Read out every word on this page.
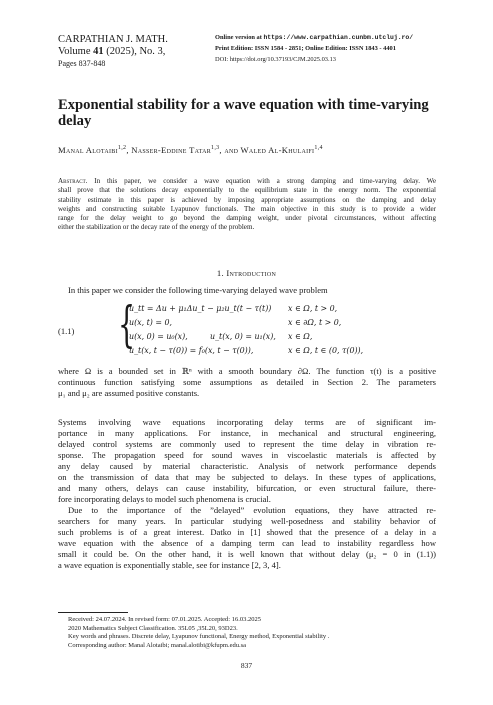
CARPATHIAN J. MATH.
Volume 41 (2025), No. 3,
Pages 837-848
Online version at https://www.carpathian.cunbm.utcluj.ro/
Print Edition: ISSN 1584 - 2851; Online Edition: ISSN 1843 - 4401
DOI: https://doi.org/10.37193/CJM.2025.03.13
Exponential stability for a wave equation with time-varying
delay
Manal Alotaibi$^{1,2}$, Nasser-Eddine Tatar$^{1,3}$, and Waled Al-Khulaifi$^{1,4}$
Abstract. In this paper, we consider a wave equation with a strong damping and time-varying delay. We
shall prove that the solutions decay exponentially to the equilibrium state in the energy norm. The exponential
stability estimate in this paper is achieved by imposing appropriate assumptions on the damping and delay
weights and constructing suitable Lyapunov functionals. The main objective in this study is to provide a wider
range for the delay weight to go beyond the damping weight, under pivotal circumstances, without affecting
either the stabilization or the decay rate of the energy of the problem.
1. Introduction
In this paper we consider the following time-varying delayed wave problem
(1.1) {
u_tt = Δu + μ₁Δu_t − μ₂u_t(t − τ(t)) x ∈ Ω, t > 0,
u(x, t) = 0,	x ∈ ∂Ω, t > 0,
u(x, 0) = u₀(x),	u_t(x, 0) = u₁(x), x ∈ Ω,
u_t(x, t − τ(0)) = f₀(x, t − τ(0)),	x ∈ Ω, t ∈ (0, τ(0)),
where Ω is a bounded set in ℝⁿ with a smooth boundary ∂Ω. The function τ(t) is a positive
continuous function satisfying some assumptions as detailed in Section 2. The parameters
μ₁ and μ₂ are assumed positive constants.
Systems involving wave equations incorporating delay terms are of significant im-
portance in many applications. For instance, in mechanical and structural engineering,
delayed control systems are commonly used to represent the time delay in vibration re-
sponse. The propagation speed for sound waves in viscoelastic materials is affected by
any delay caused by material characteristic. Analysis of network performance depends
on the transmission of data that may be subjected to delays. In these types of applications,
and many others, delays can cause instability, bifurcation, or even structural failure, there-
fore incorporating delays to model such phenomena is crucial.
Due to the importance of the ”delayed” evolution equations, they have attracted re-
searchers for many years. In particular studying well-posedness and stability behavior of
such problems is of a great interest. Datko in [1] showed that the presence of a delay in a
wave equation with the absence of a damping term can lead to instability regardless how
small it could be. On the other hand, it is well known that without delay (μ₂ = 0 in (1.1))
a wave equation is exponentially stable, see for instance [2, 3, 4].
Received: 24.07.2024. In revised form: 07.01.2025. Accepted: 16.03.2025
2020 Mathematics Subject Classification. 35L05 ,35L20, 93D23.
Key words and phrases. Discrete delay, Lyapunov functional, Energy method, Exponential stability .
Corresponding author: Manal Alotaibi; manal.alotibi@kfupm.edu.sa
837
